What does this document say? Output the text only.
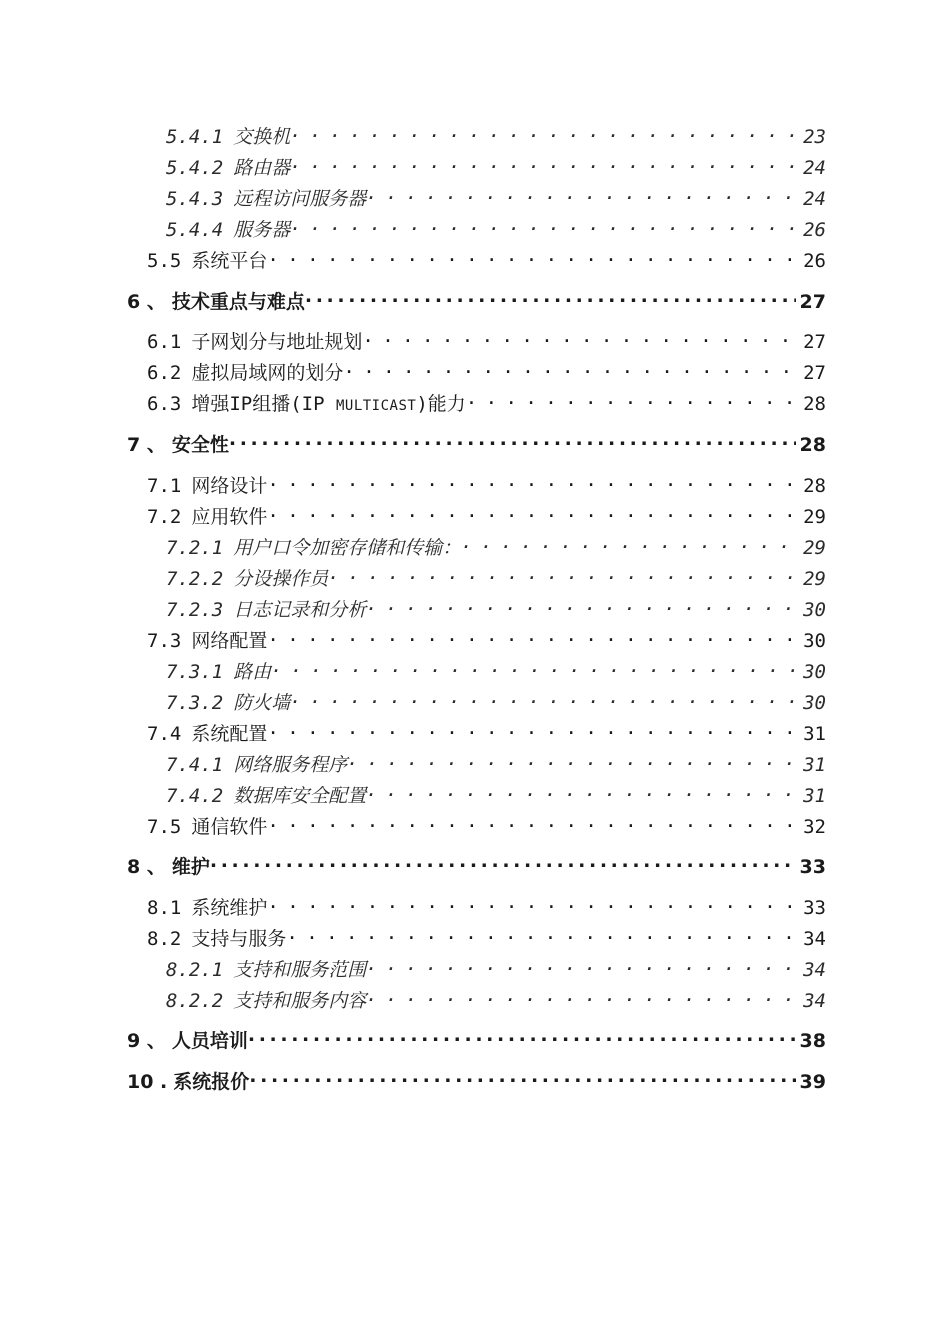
5.4.1 交换机 . . .	23
5.4.2 路由器 . . .	24
5.4.3 远程访问服务器 . . .	24
5.4.4 服务器 . . .	26
5.5 系统平台 . . .	26
6 、 技术重点与难点 . . .	27
6.1 子网划分与地址规划 . . .	27
6.2 虚拟局域网的划分 . . .	27
6.3 增强IP组播(IP MULTICAST)能力 . . .	28
7 、 安全性 . . .	28
7.1 网络设计 . . .	28
7.2 应用软件 . . .	29
7.2.1 用户口令加密存储和传输： . . .	29
7.2.2 分设操作员 . . .	29
7.2.3 日志记录和分析 . . .	30
7.3 网络配置 . . .	30
7.3.1 路由 . . .	30
7.3.2 防火墙 . . .	30
7.4 系统配置 . . .	31
7.4.1 网络服务程序 . . .	31
7.4.2 数据库安全配置 . . .	31
7.5 通信软件 . . .	32
8 、 维护 . . .	33
8.1 系统维护 . . .	33
8.2 支持与服务 . . .	34
8.2.1 支持和服务范围 . . .	34
8.2.2 支持和服务内容 . . .	34
9 、 人员培训 . . .	38
10 . 系统报价 . . .	39
